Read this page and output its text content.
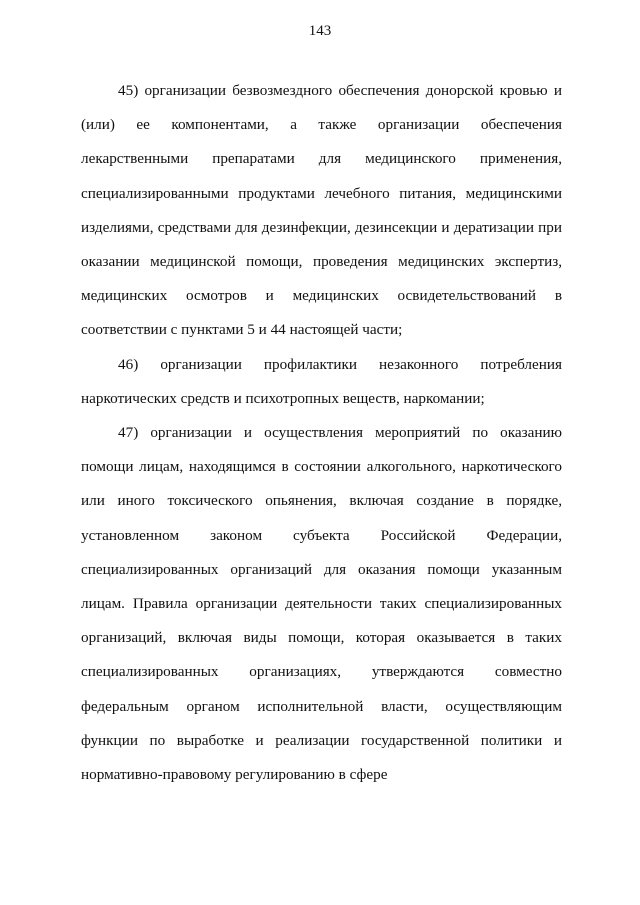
143

45) организации безвозмездного обеспечения донорской кровью и (или) ее компонентами, а также организации обеспечения лекарственными препаратами для медицинского применения, специализированными продуктами лечебного питания, медицинскими изделиями, средствами для дезинфекции, дезинсекции и дератизации при оказании медицинской помощи, проведения медицинских экспертиз, медицинских осмотров и медицинских освидетельствований в соответствии с пунктами 5 и 44 настоящей части;

46) организации профилактики незаконного потребления наркотических средств и психотропных веществ, наркомании;

47) организации и осуществления мероприятий по оказанию помощи лицам, находящимся в состоянии алкогольного, наркотического или иного токсического опьянения, включая создание в порядке, установленном законом субъекта Российской Федерации, специализированных организаций для оказания помощи указанным лицам. Правила организации деятельности таких специализированных организаций, включая виды помощи, которая оказывается в таких специализированных организациях, утверждаются совместно федеральным органом исполнительной власти, осуществляющим функции по выработке и реализации государственной политики и нормативно-правовому регулированию в сфере
